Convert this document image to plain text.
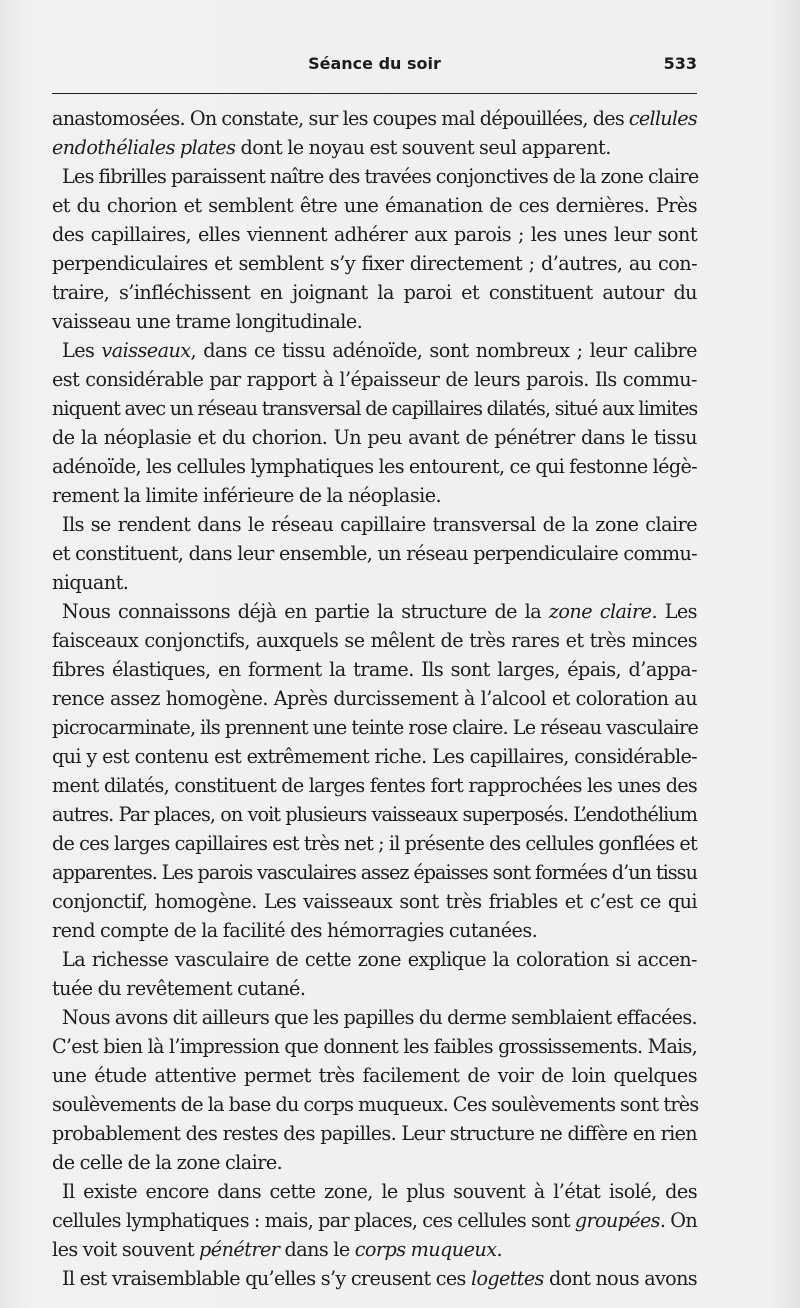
Séance du soir	533
anastomosées. On constate, sur les coupes mal dépouillées, des cellules
endothéliales plates dont le noyau est souvent seul apparent.
Les fibrilles paraissent naître des travées conjonctives de la zone claire
et du chorion et semblent être une émanation de ces dernières. Près
des capillaires, elles viennent adhérer aux parois ; les unes leur sont
perpendiculaires et semblent s’y fixer directement ; d’autres, au con-
traire, s’infléchissent en joignant la paroi et constituent autour du
vaisseau une trame longitudinale.
Les vaisseaux, dans ce tissu adénoïde, sont nombreux ; leur calibre
est considérable par rapport à l’épaisseur de leurs parois. Ils commu-
niquent avec un réseau transversal de capillaires dilatés, situé aux limites
de la néoplasie et du chorion. Un peu avant de pénétrer dans le tissu
adénoïde, les cellules lymphatiques les entourent, ce qui festonne légè-
rement la limite inférieure de la néoplasie.
Ils se rendent dans le réseau capillaire transversal de la zone claire
et constituent, dans leur ensemble, un réseau perpendiculaire commu-
niquant.
Nous connaissons déjà en partie la structure de la zone claire. Les
faisceaux conjonctifs, auxquels se mêlent de très rares et très minces
fibres élastiques, en forment la trame. Ils sont larges, épais, d’appa-
rence assez homogène. Après durcissement à l’alcool et coloration au
picrocarminate, ils prennent une teinte rose claire. Le réseau vasculaire
qui y est contenu est extrêmement riche. Les capillaires, considérable-
ment dilatés, constituent de larges fentes fort rapprochées les unes des
autres. Par places, on voit plusieurs vaisseaux superposés. L’endothélium
de ces larges capillaires est très net ; il présente des cellules gonflées et
apparentes. Les parois vasculaires assez épaisses sont formées d’un tissu
conjonctif, homogène. Les vaisseaux sont très friables et c’est ce qui
rend compte de la facilité des hémorragies cutanées.
La richesse vasculaire de cette zone explique la coloration si accen-
tuée du revêtement cutané.
Nous avons dit ailleurs que les papilles du derme semblaient effacées.
C’est bien là l’impression que donnent les faibles grossissements. Mais,
une étude attentive permet très facilement de voir de loin quelques
soulèvements de la base du corps muqueux. Ces soulèvements sont très
probablement des restes des papilles. Leur structure ne diffère en rien
de celle de la zone claire.
Il existe encore dans cette zone, le plus souvent à l’état isolé, des
cellules lymphatiques : mais, par places, ces cellules sont groupées. On
les voit souvent pénétrer dans le corps muqueux.
Il est vraisemblable qu’elles s’y creusent ces logettes dont nous avons
